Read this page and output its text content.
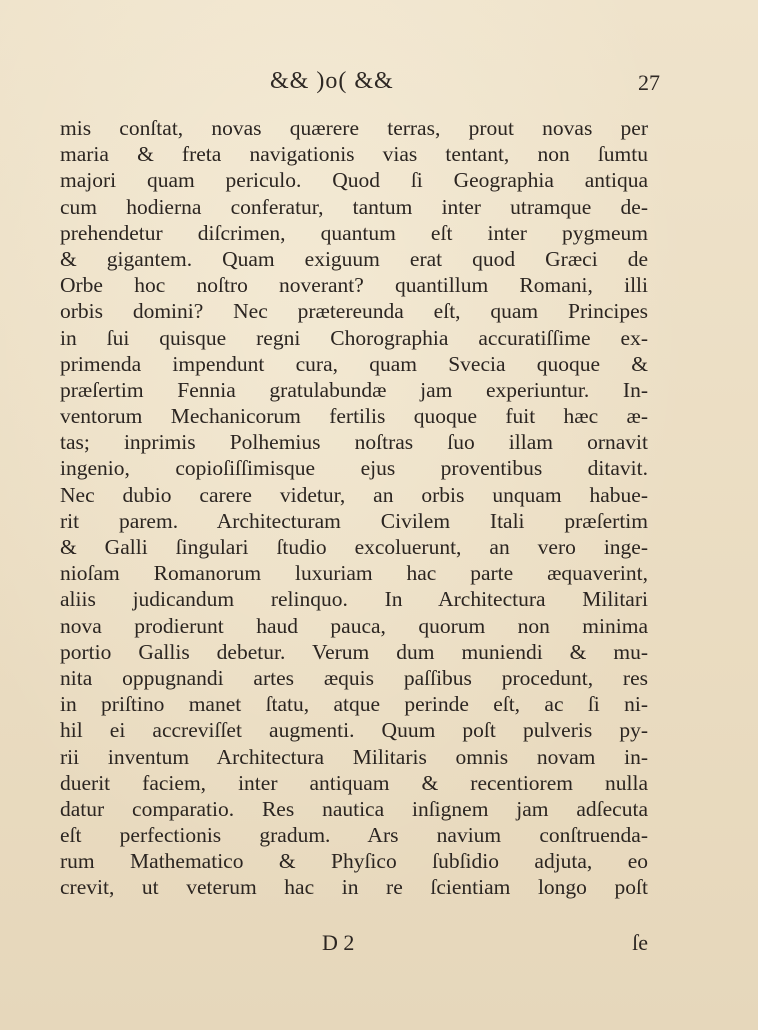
&& )o( &&	27
mis conſtat, novas quærere terras, prout novas per
maria & freta navigationis vias tentant, non ſumtu
majori quam periculo. Quod ſi Geographia antiqua
cum hodierna conferatur, tantum inter utramque de-
prehendetur diſcrimen, quantum eſt inter pygmeum
& gigantem. Quam exiguum erat quod Græci de
Orbe hoc noſtro noverant? quantillum Romani, illi
orbis domini? Nec prætereunda eſt, quam Principes
in ſui quisque regni Chorographia accuratiſſime ex-
primenda impendunt cura, quam Svecia quoque &
præſertim Fennia gratulabundæ jam experiuntur. In-
ventorum Mechanicorum fertilis quoque fuit hæc æ-
tas; inprimis Polhemius noſtras ſuo illam ornavit
ingenio, copioſiſſimisque ejus proventibus ditavit.
Nec dubio carere videtur, an orbis unquam habue-
rit parem. Architecturam Civilem Itali præſertim
& Galli ſingulari ſtudio excoluerunt, an vero inge-
nioſam Romanorum luxuriam hac parte æquaverint,
aliis judicandum relinquo. In Architectura Militari
nova prodierunt haud pauca, quorum non minima
portio Gallis debetur. Verum dum muniendi & mu-
nita oppugnandi artes æquis paſſibus procedunt, res
in priſtino manet ſtatu, atque perinde eſt, ac ſi ni-
hil ei accreviſſet augmenti. Quum poſt pulveris py-
rii inventum Architectura Militaris omnis novam in-
duerit faciem, inter antiquam & recentiorem nulla
datur comparatio. Res nautica inſignem jam adſecuta
eſt perfectionis gradum. Ars navium conſtruenda-
rum Mathematico & Phyſico ſubſidio adjuta, eo
crevit, ut veterum hac in re ſcientiam longo poſt
D 2	ſe
